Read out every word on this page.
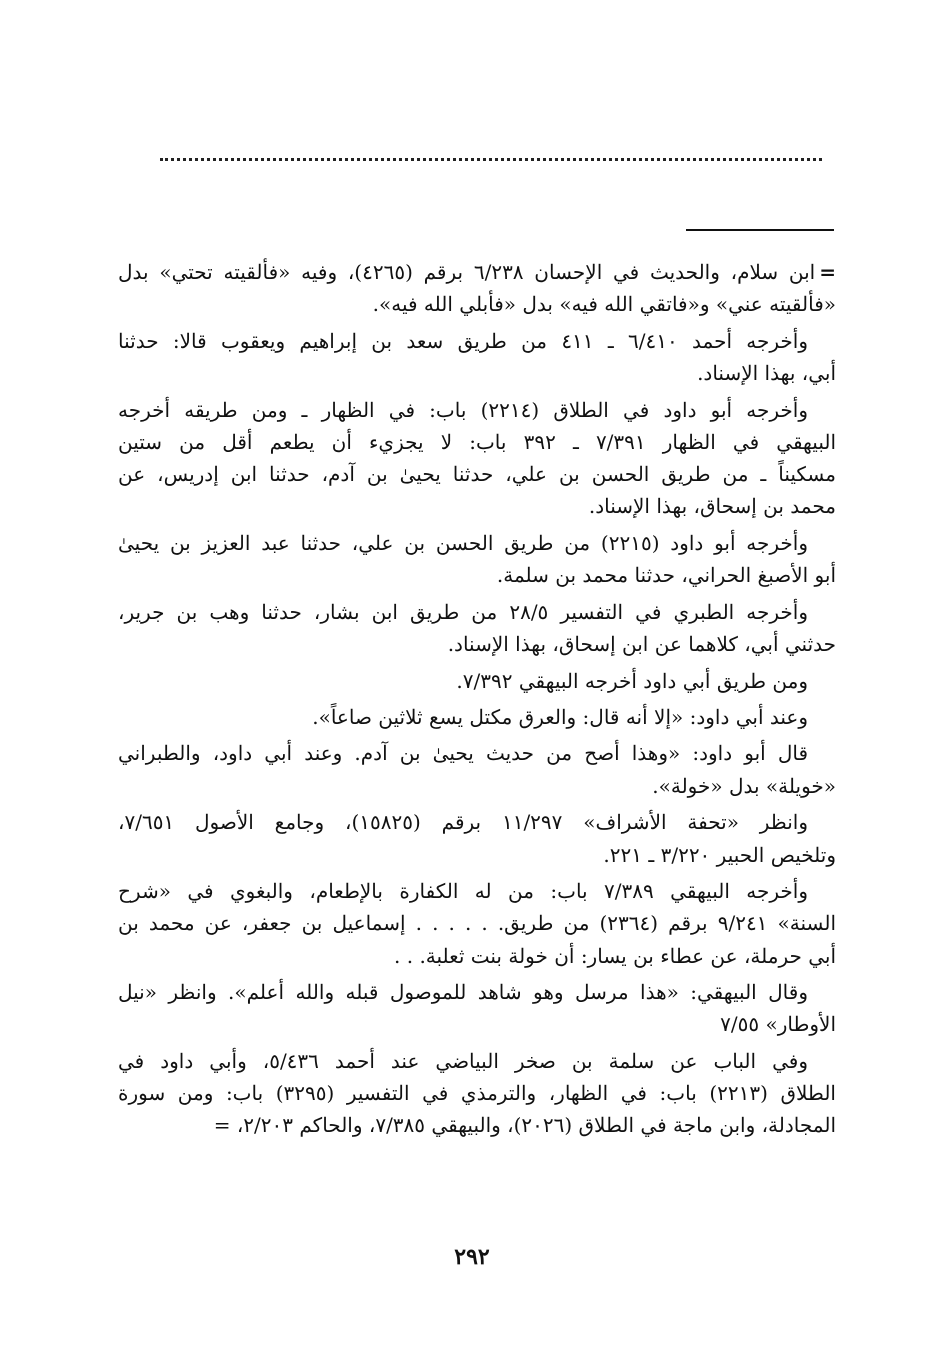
=ابن سلام، والحديث في الإحسان ٦/٢٣٨ برقم (٤٢٦٥)، وفيه «فألقيته تحتي» بدل

«فألقيته عني» و«فاتقي الله فيه» بدل «فأبلي الله فيه».

وأخرجه أحمد ٦/٤١٠ ـ ٤١١ من طريق سعد بن إبراهيم ويعقوب قالا: حدثنا

أبي، بهذا الإسناد.

وأخرجه أبو داود في الطلاق (٢٢١٤) باب: في الظهار ـ ومن طريقه أخرجه

البيهقي في الظهار ٧/٣٩١ ـ ٣٩٢ باب: لا يجزيء أن يطعم أقل من ستين

مسكيناً ـ من طريق الحسن بن علي، حدثنا يحيىٰ بن آدم، حدثنا ابن إدريس، عن

محمد بن إسحاق، بهذا الإسناد.

وأخرجه أبو داود (٢٢١٥) من طريق الحسن بن علي، حدثنا عبد العزيز بن يحيىٰ

أبو الأصبغ الحراني، حدثنا محمد بن سلمة.

وأخرجه الطبري في التفسير ٢٨/٥ من طريق ابن بشار، حدثنا وهب بن جرير،

حدثني أبي، كلاهما عن ابن إسحاق، بهذا الإسناد.

ومن طريق أبي داود أخرجه البيهقي ٧/٣٩٢.

وعند أبي داود: «إلا أنه قال: والعرق مكتل يسع ثلاثين صاعاً».

قال أبو داود: «وهذا أصح من حديث يحيىٰ بن آدم. وعند أبي داود، والطبراني

«خويلة» بدل «خولة».

وانظر «تحفة الأشراف» ١١/٢٩٧ برقم (١٥٨٢٥)، وجامع الأصول ٧/٦٥١،

وتلخيص الحبير ٣/٢٢٠ ـ ٢٢١.

وأخرجه البيهقي ٧/٣٨٩ باب: من له الكفارة بالإطعام، والبغوي في «شرح

السنة» ٩/٢٤١ برقم (٢٣٦٤) من طريق. . . . . . إسماعيل بن جعفر، عن محمد بن

أبي حرملة، عن عطاء بن يسار: أن خولة بنت ثعلبة. . .

وقال البيهقي: «هذا مرسل وهو شاهد للموصول قبله والله أعلم». وانظر «نيل

الأوطار» ٧/٥٥

وفي الباب عن سلمة بن صخر البياضي عند أحمد ٥/٤٣٦، وأبي داود في

الطلاق (٢٢١٣) باب: في الظهار، والترمذي في التفسير (٣٢٩٥) باب: ومن سورة

المجادلة، وابن ماجة في الطلاق (٢٠٢٦)، والبيهقي ٧/٣٨٥، والحاكم ٢/٢٠٣، =

٢٩٢
